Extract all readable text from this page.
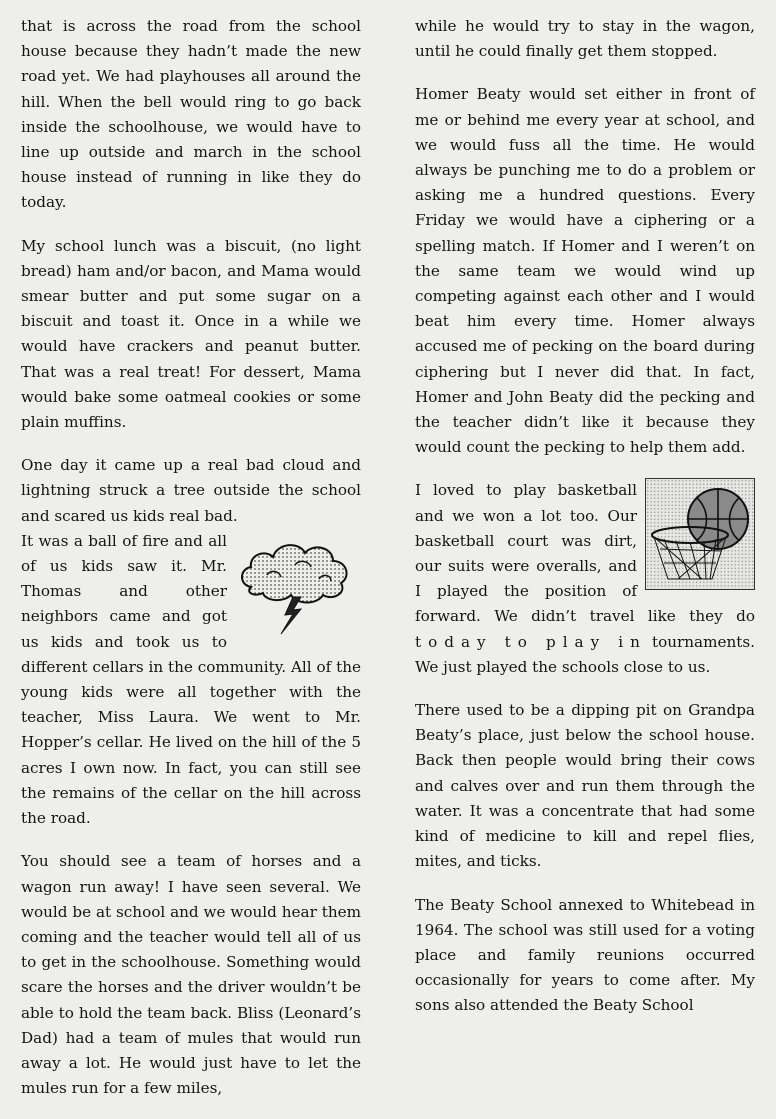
that is across the road from the school house because they hadn’t made the new road yet. We had playhouses all around the hill. When the bell would ring to go back inside the schoolhouse, we would have to line up outside and march in the school house instead of running in like they do today.

My school lunch was a biscuit, (no light bread) ham and/or bacon, and Mama would smear butter and put some sugar on a biscuit and toast it. Once in a while we would have crackers and peanut butter. That was a real treat! For dessert, Mama would bake some oatmeal cookies or some plain muffins.

One day it came up a real bad cloud and lightning struck a tree outside the school and scared us kids real bad.

It was a ball of fire and all of us kids saw it. Mr. Thomas and other neighbors came and got us kids and took us to different cellars in the community. All of the young kids were all together with the teacher, Miss Laura. We went to Mr. Hopper’s cellar. He lived on the hill of the 5 acres I own now. In fact, you can still see the remains of the cellar on the hill across the road.

You should see a team of horses and a wagon run away! I have seen several. We would be at school and we would hear them coming and the teacher would tell all of us to get in the schoolhouse. Something would scare the horses and the driver wouldn’t be able to hold the team back. Bliss (Leonard’s Dad) had a team of mules that would run away a lot. He would just have to let the mules run for a few miles,

while he would try to stay in the wagon, until he could finally get them stopped.

Homer Beaty would set either in front of me or behind me every year at school, and we would fuss all the time. He would always be punching me to do a problem or asking me a hundred questions. Every Friday we would have a ciphering or a spelling match. If Homer and I weren’t on the same team we would wind up competing against each other and I would beat him every time. Homer always accused me of pecking on the board during ciphering but I never did that. In fact, Homer and John Beaty did the pecking and the teacher didn’t like it because they would count the pecking to help them add.

I loved to play basketball and we won a lot too. Our basketball court was dirt, our suits were overalls, and I played the position of forward. We didn’t travel like they do today to play in tournaments. We just played the schools close to us.

There used to be a dipping pit on Grandpa Beaty’s place, just below the school house. Back then people would bring their cows and calves over and run them through the water. It was a concentrate that had some kind of medicine to kill and repel flies, mites, and ticks.

The Beaty School annexed to Whitebead in 1964. The school was still used for a voting place and family reunions occurred occasionally for years to come after. My sons also attended the Beaty School
